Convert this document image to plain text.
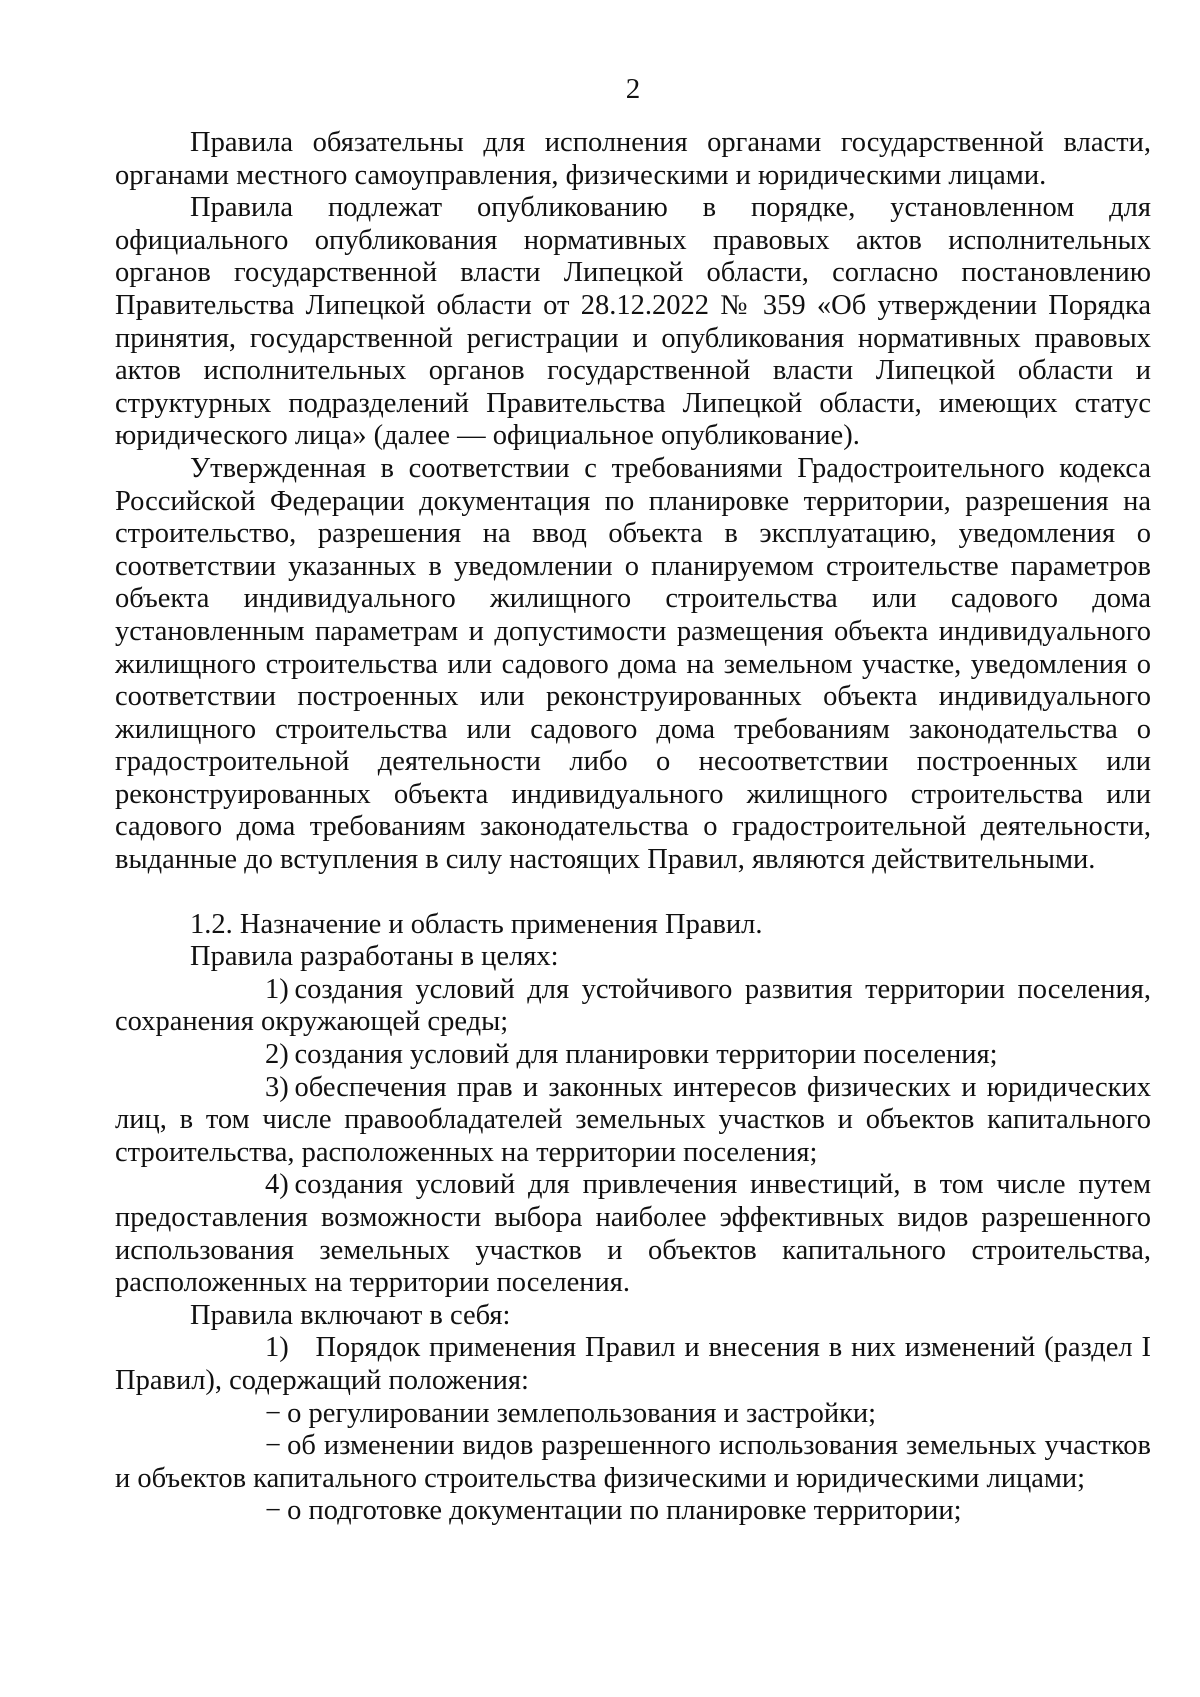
2

Правила обязательны для исполнения органами государственной власти, органами местного самоуправления, физическими и юридическими лицами.

Правила подлежат опубликованию в порядке, установленном для официального опубликования нормативных правовых актов исполнительных органов государственной власти Липецкой области, согласно постановлению Правительства Липецкой области от 28.12.2022 № 359 «Об утверждении Порядка принятия, государственной регистрации и опубликования нормативных правовых актов исполнительных органов государственной власти Липецкой области и структурных подразделений Правительства Липецкой области, имеющих статус юридического лица» (далее — официальное опубликование).

Утвержденная в соответствии с требованиями Градостроительного кодекса Российской Федерации документация по планировке территории, разрешения на строительство, разрешения на ввод объекта в эксплуатацию, уведомления о соответствии указанных в уведомлении о планируемом строительстве параметров объекта индивидуального жилищного строительства или садового дома установленным параметрам и допустимости размещения объекта индивидуального жилищного строительства или садового дома на земельном участке, уведомления о соответствии построенных или реконструированных объекта индивидуального жилищного строительства или садового дома требованиям законодательства о градостроительной деятельности либо о несоответствии построенных или реконструированных объекта индивидуального жилищного строительства или садового дома требованиям законодательства о градостроительной деятельности, выданные до вступления в силу настоящих Правил, являются действительными.

1.2. Назначение и область применения Правил.

Правила разработаны в целях:

1)  создания условий для устойчивого развития территории поселения, сохранения окружающей среды;

2)  создания условий для планировки территории поселения;

3)  обеспечения прав и законных интересов физических и юридических лиц, в том числе правообладателей земельных участков и объектов капитального строительства, расположенных на территории поселения;

4)  создания условий для привлечения инвестиций, в том числе путем предоставления возможности выбора наиболее эффективных видов разрешенного использования земельных участков и объектов капитального строительства, расположенных на территории поселения.

Правила включают в себя:

1) Порядок применения Правил и внесения в них изменений (раздел I Правил), содержащий положения:

− о регулировании землепользования и застройки;

− об изменении видов разрешенного использования земельных участков и объектов капитального строительства физическими и юридическими лицами;

− о подготовке документации по планировке территории;
